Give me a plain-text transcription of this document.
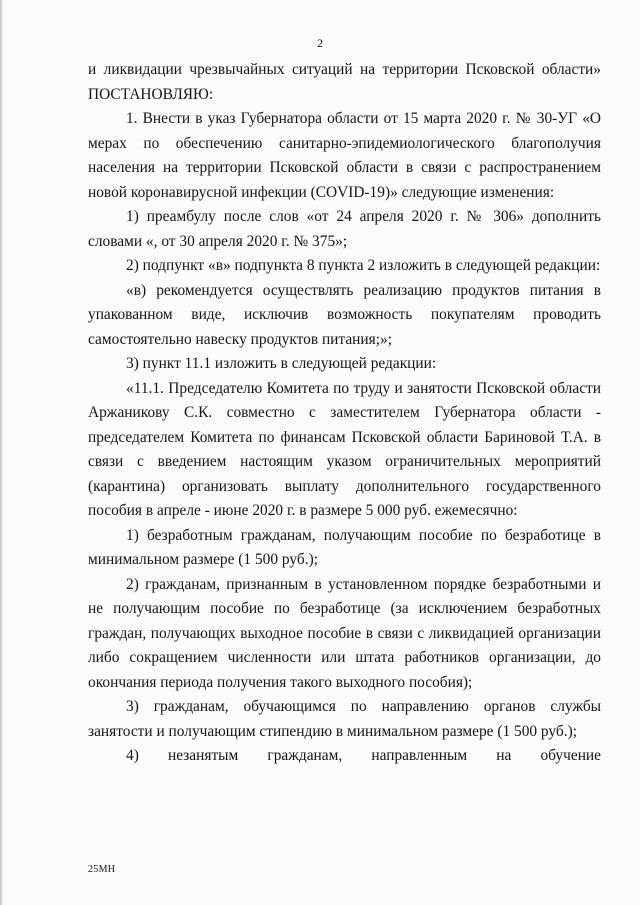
2

и ликвидации чрезвычайных ситуаций на территории Псковской области» ПОСТАНОВЛЯЮ:

1. Внести в указ Губернатора области от 15 марта 2020 г. № 30-УГ «О мерах по обеспечению санитарно-эпидемиологического благополучия населения на территории Псковской области в связи с распространением новой коронавирусной инфекции (COVID-19)» следующие изменения:

1) преамбулу после слов «от 24 апреля 2020 г. № 306» дополнить словами «, от 30 апреля 2020 г. № 375»;

2) подпункт «в» подпункта 8 пункта 2 изложить в следующей редакции:

«в) рекомендуется осуществлять реализацию продуктов питания в упакованном виде, исключив возможность покупателям проводить самостоятельно навеску продуктов питания;»;

3) пункт 11.1 изложить в следующей редакции:

«11.1. Председателю Комитета по труду и занятости Псковской области Аржаникову С.К. совместно с заместителем Губернатора области - председателем Комитета по финансам Псковской области Бариновой Т.А. в связи с введением настоящим указом ограничительных мероприятий (карантина) организовать выплату дополнительного государственного пособия в апреле - июне 2020 г. в размере 5 000 руб. ежемесячно:

1) безработным гражданам, получающим пособие по безработице в минимальном размере (1 500 руб.);

2) гражданам, признанным в установленном порядке безработными и не получающим пособие по безработице (за исключением безработных граждан, получающих выходное пособие в связи с ликвидацией организации либо сокращением численности или штата работников организации, до окончания периода получения такого выходного пособия);

3) гражданам, обучающимся по направлению органов службы занятости и получающим стипендию в минимальном размере (1 500 руб.);

4) незанятым гражданам, направленным на обучение

25МН
